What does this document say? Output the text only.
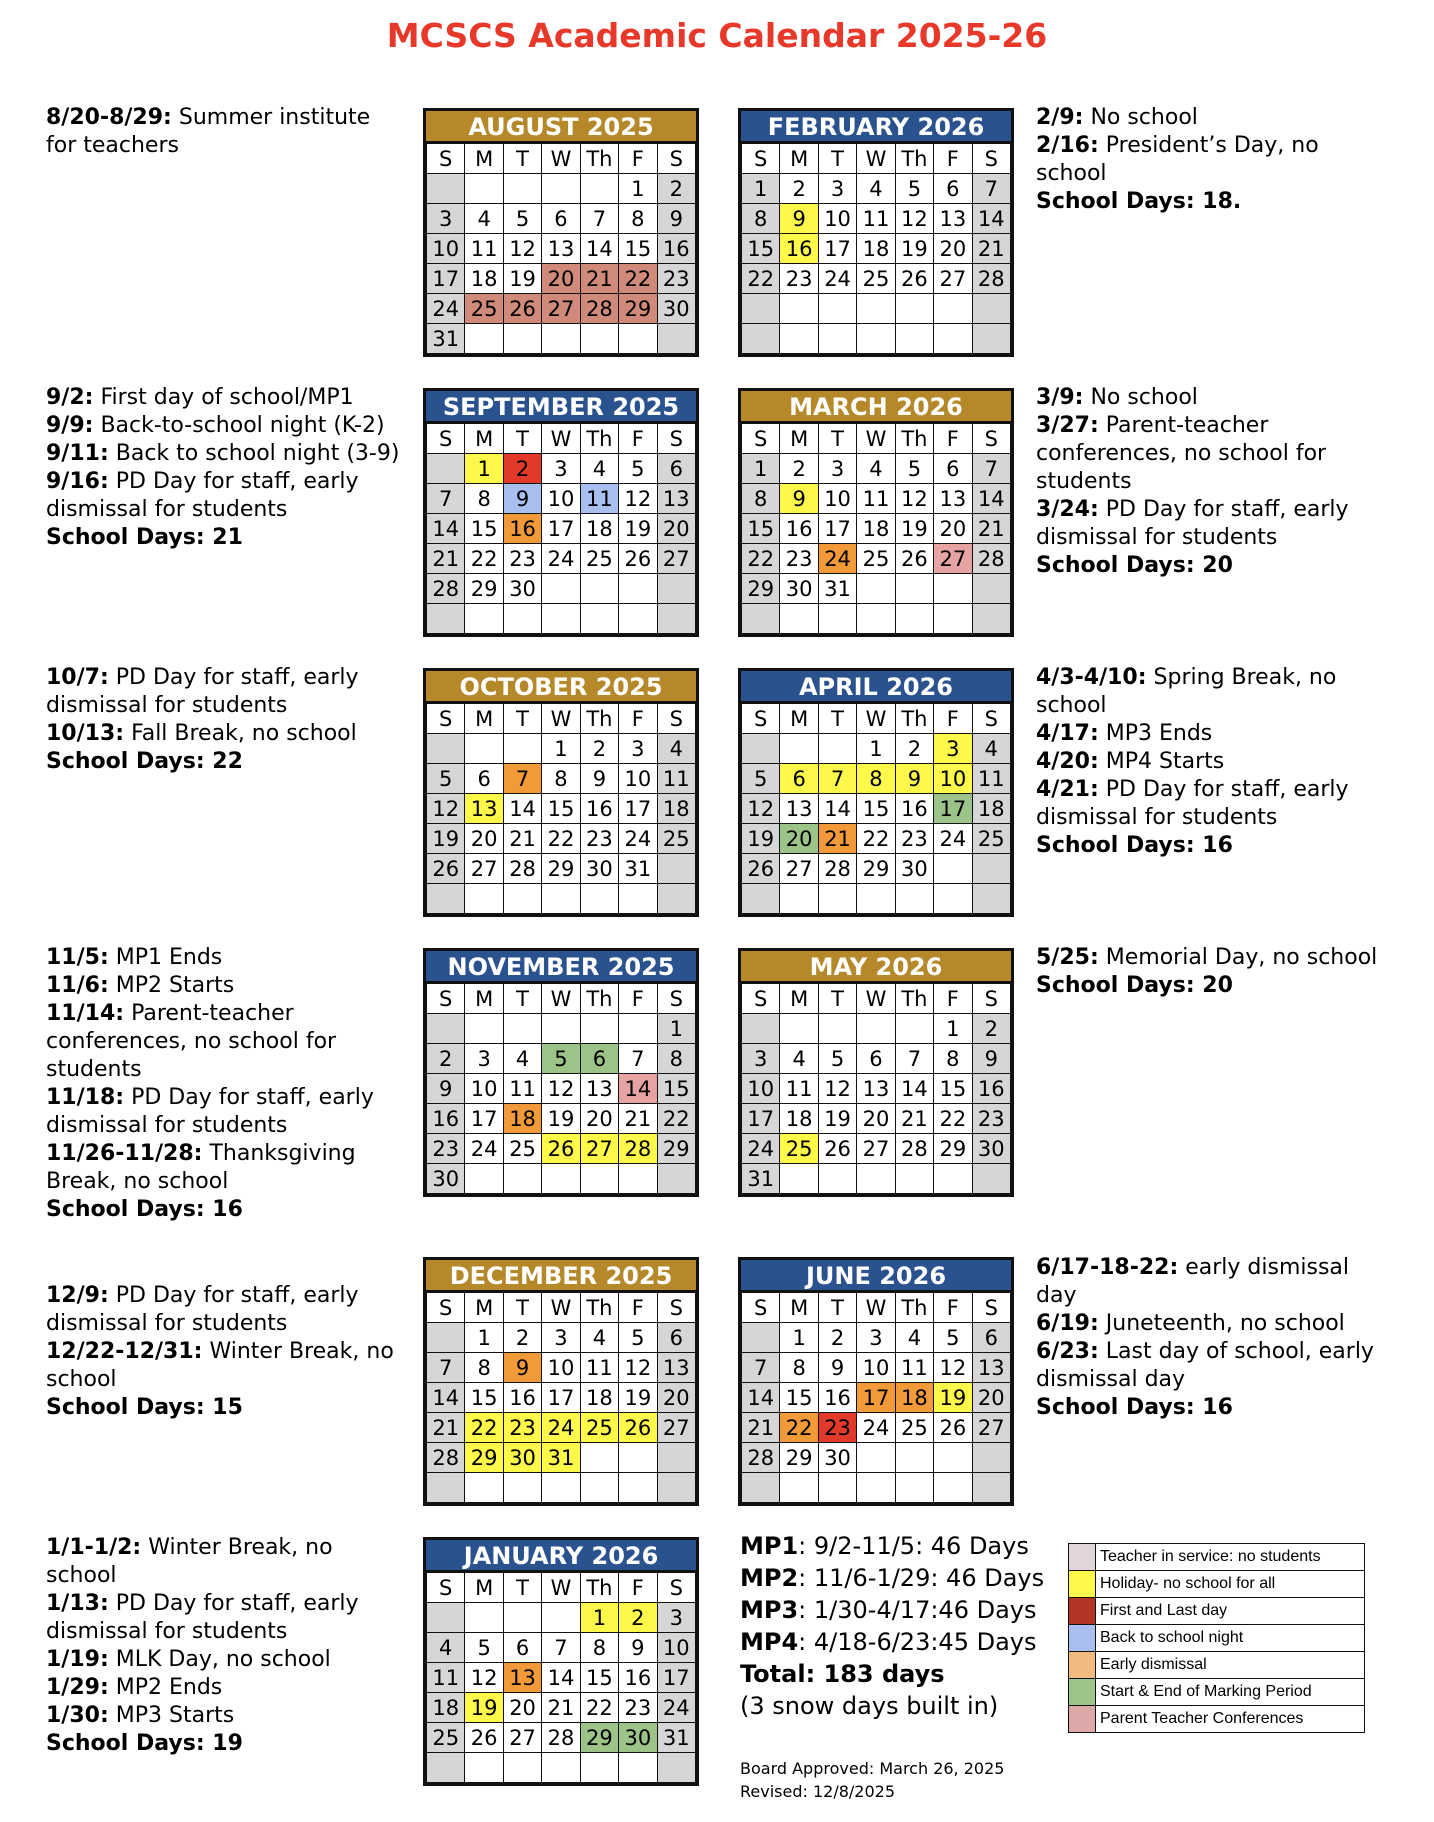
MCSCS Academic Calendar 2025-26
8/20-8/29: Summer institute for teachers
9/2: First day of school/MP1
9/9: Back-to-school night (K-2)
9/11: Back to school night (3-9)
9/16: PD Day for staff, early dismissal for students
School Days: 21
10/7: PD Day for staff, early dismissal for students
10/13: Fall Break, no school
School Days: 22
11/5: MP1 Ends
11/6: MP2 Starts
11/14: Parent-teacher conferences, no school for students
11/18: PD Day for staff, early dismissal for students
11/26-11/28: Thanksgiving Break, no school
School Days: 16
12/9: PD Day for staff, early dismissal for students
12/22-12/31: Winter Break, no school
School Days: 15
1/1-1/2: Winter Break, no school
1/13: PD Day for staff, early dismissal for students
1/19: MLK Day, no school
1/29: MP2 Ends
1/30: MP3 Starts
School Days: 19
2/9: No school
2/16: President’s Day, no school
School Days: 18.
3/9: No school
3/27: Parent-teacher conferences, no school for students
3/24: PD Day for staff, early dismissal for students
School Days: 20
4/3-4/10: Spring Break, no school
4/17: MP3 Ends
4/20: MP4 Starts
4/21: PD Day for staff, early dismissal for students
School Days: 16
5/25: Memorial Day, no school
School Days: 20
6/17-18-22: early dismissal day
6/19: Juneteenth, no school
6/23: Last day of school, early dismissal day
School Days: 16
AUGUST 2025
S	M	T	W	Th	F	S
					1	2
3	4	5	6	7	8	9
10	11	12	13	14	15	16
17	18	19	20	21	22	23
24	25	26	27	28	29	30
31						
FEBRUARY 2026
S	M	T	W	Th	F	S
1	2	3	4	5	6	7
8	9	10	11	12	13	14
15	16	17	18	19	20	21
22	23	24	25	26	27	28

SEPTEMBER 2025
S	M	T	W	Th	F	S
	1	2	3	4	5	6
7	8	9	10	11	12	13
14	15	16	17	18	19	20
21	22	23	24	25	26	27
28	29	30				

MARCH 2026
S	M	T	W	Th	F	S
1	2	3	4	5	6	7
8	9	10	11	12	13	14
15	16	17	18	19	20	21
22	23	24	25	26	27	28
29	30	31				

OCTOBER 2025
S	M	T	W	Th	F	S
			1	2	3	4
5	6	7	8	9	10	11
12	13	14	15	16	17	18
19	20	21	22	23	24	25
26	27	28	29	30	31	

APRIL 2026
S	M	T	W	Th	F	S
			1	2	3	4
5	6	7	8	9	10	11
12	13	14	15	16	17	18
19	20	21	22	23	24	25
26	27	28	29	30		

NOVEMBER 2025
S	M	T	W	Th	F	S
						1
2	3	4	5	6	7	8
9	10	11	12	13	14	15
16	17	18	19	20	21	22
23	24	25	26	27	28	29
30						
MAY 2026
S	M	T	W	Th	F	S
					1	2
3	4	5	6	7	8	9
10	11	12	13	14	15	16
17	18	19	20	21	22	23
24	25	26	27	28	29	30
31						
DECEMBER 2025
S	M	T	W	Th	F	S
	1	2	3	4	5	6
7	8	9	10	11	12	13
14	15	16	17	18	19	20
21	22	23	24	25	26	27
28	29	30	31			

JUNE 2026
S	M	T	W	Th	F	S
	1	2	3	4	5	6
7	8	9	10	11	12	13
14	15	16	17	18	19	20
21	22	23	24	25	26	27
28	29	30				

JANUARY 2026
S	M	T	W	Th	F	S
				1	2	3
4	5	6	7	8	9	10
11	12	13	14	15	16	17
18	19	20	21	22	23	24
25	26	27	28	29	30	31

MP1: 9/2-11/5: 46 Days
MP2: 11/6-1/29: 46 Days
MP3: 1/30-4/17:46 Days
MP4: 4/18-6/23:45 Days
Total: 183 days
(3 snow days built in)
Board Approved: March 26, 2025
Revised: 12/8/2025
	Teacher in service: no students
	Holiday- no school for all
	First and Last day
	Back to school night
	Early dismissal
	Start & End of Marking Period
	Parent Teacher Conferences
